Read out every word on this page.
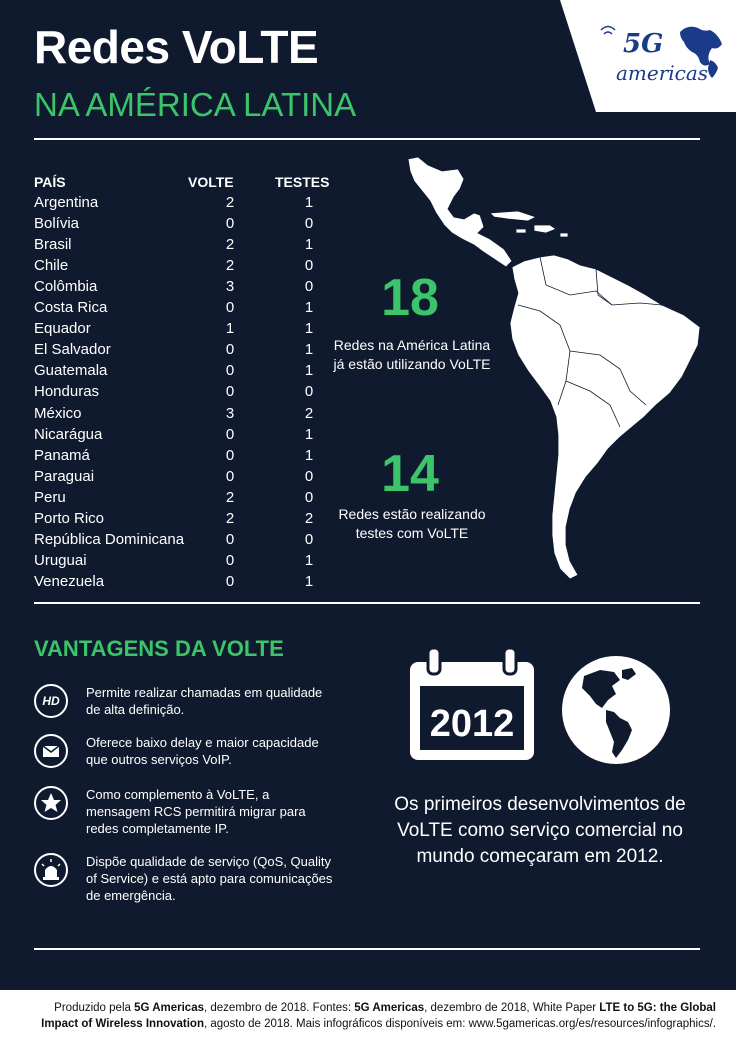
Redes VoLTE
NA AMÉRICA LATINA
5G
americas
PAÍS	VOLTE	TESTES
Argentina	2	1
Bolívia	0	0
Brasil	2	1
Chile	2	0
Colômbia	3	0
Costa Rica	0	1
Equador	1	1
El Salvador	0	1
Guatemala	0	1
Honduras	0	0
México	3	2
Nicarágua	0	1
Panamá	0	1
Paraguai	0	0
Peru	2	0
Porto Rico	2	2
República Dominicana	0	0
Uruguai	0	1
Venezuela	0	1
18
Redes na América Latina já estão utilizando VoLTE
14
Redes estão realizando testes com VoLTE
VANTAGENS DA VOLTE
HD
Permite realizar chamadas em qualidade de alta definição.
Oferece baixo delay e maior capacidade que outros serviços VoIP.
Como complemento à VoLTE, a mensagem RCS permitirá migrar para redes completamente IP.
Dispõe qualidade de serviço (QoS, Quality of Service) e está apto para comunicações de emergência.
2012
Os primeiros desenvolvimentos de VoLTE como serviço comercial no mundo começaram em 2012.
Produzido pela 5G Americas, dezembro de 2018. Fontes: 5G Americas, dezembro de 2018, White Paper LTE to 5G: the Global Impact of Wireless Innovation, agosto de 2018. Mais infográficos disponíveis em: www.5gamericas.org/es/resources/infographics/.
